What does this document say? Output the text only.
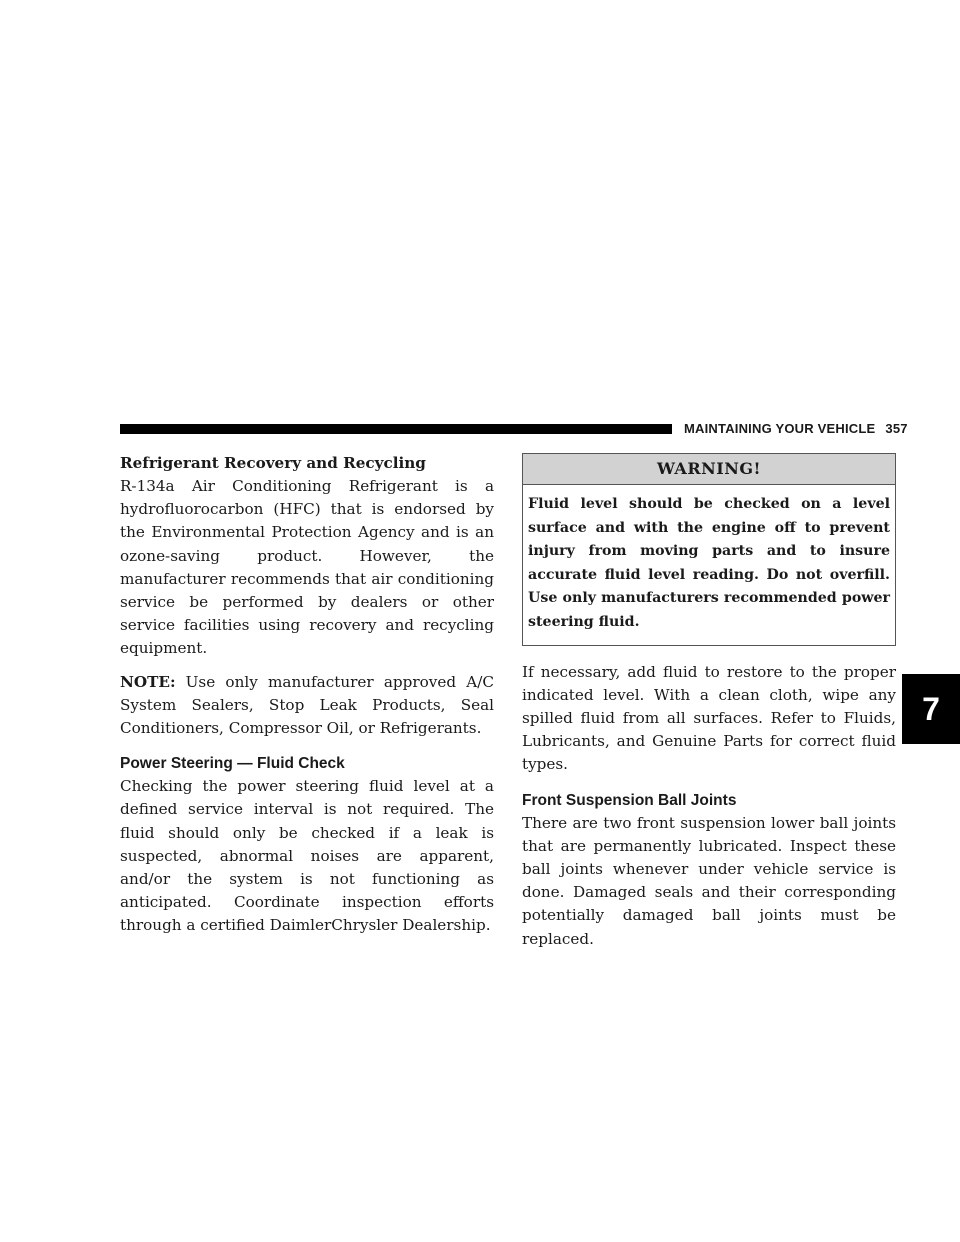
MAINTAINING YOUR VEHICLE 357

Refrigerant Recovery and Recycling

R-134a Air Conditioning Refrigerant is a hydrofluorocarbon (HFC) that is endorsed by the Environmental Protection Agency and is an ozone-saving product. However, the manufacturer recommends that air conditioning service be performed by dealers or other service facilities using recovery and recycling equipment.

NOTE: Use only manufacturer approved A/C System Sealers, Stop Leak Products, Seal Conditioners, Compressor Oil, or Refrigerants.

Power Steering — Fluid Check

Checking the power steering fluid level at a defined service interval is not required. The fluid should only be checked if a leak is suspected, abnormal noises are apparent, and/or the system is not functioning as anticipated. Coordinate inspection efforts through a certified DaimlerChrysler Dealership.

WARNING!
Fluid level should be checked on a level surface and with the engine off to prevent injury from moving parts and to insure accurate fluid level reading. Do not overfill. Use only manufacturers recommended power steering fluid.

If necessary, add fluid to restore to the proper indicated level. With a clean cloth, wipe any spilled fluid from all surfaces. Refer to Fluids, Lubricants, and Genuine Parts for correct fluid types.

Front Suspension Ball Joints

There are two front suspension lower ball joints that are permanently lubricated. Inspect these ball joints whenever under vehicle service is done. Damaged seals and their corresponding potentially damaged ball joints must be replaced.

7
